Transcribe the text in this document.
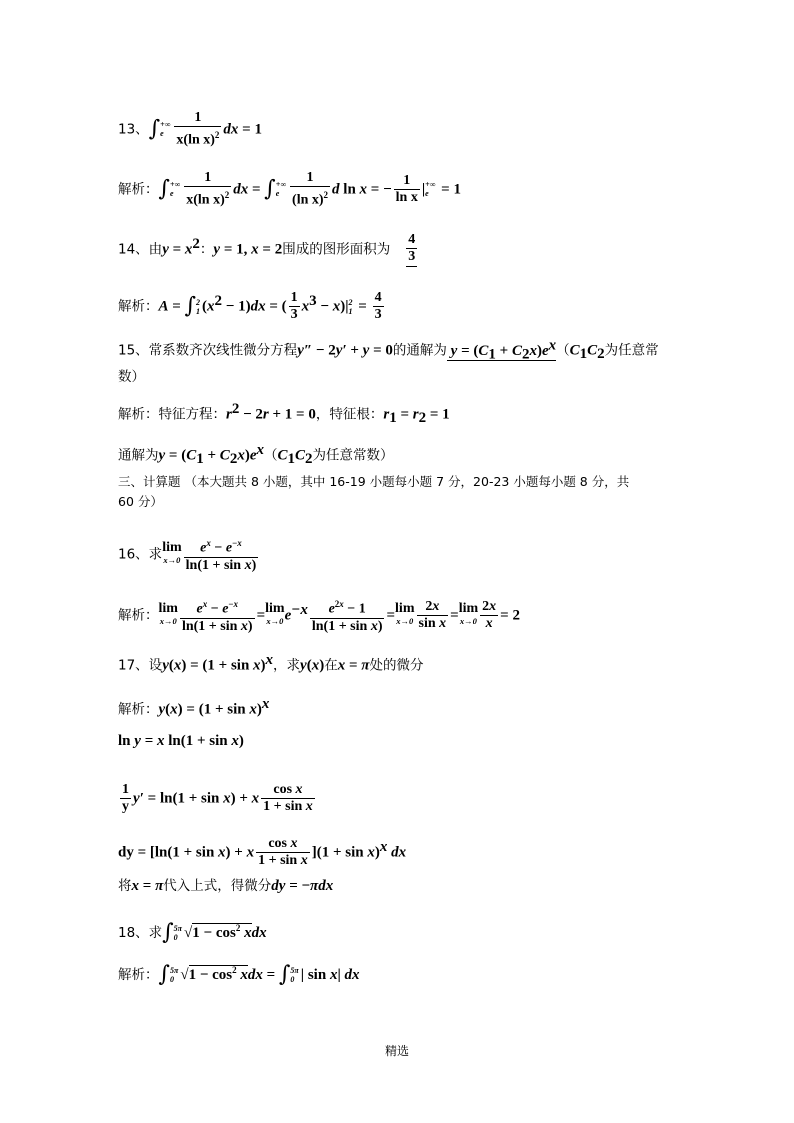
13、∫+∞
e $\frac{1}{x(\ln x)^2}$ dx = 1
解析：∫+∞
e $\frac{1}{x(\ln x)^2}$ dx = ∫+∞
e $\frac{1}{(\ln x)^2}$ d ln x = − $\frac{1}{\text{ln x}}$ |+∞
e = 1
14、由$y = x^2$：y = 1, x = 2围成的图形面积为 $\frac{4}{3}$
解析：A = ∫2
1 $(x^2 - 1)dx$ = ( $\frac{1}{3} x^3 - x)|2$
$1 = \frac{4}{3}$
15、常系数齐次线性微分方程y″ − 2y′ + y = 0的通解为 $y = (C_1 + C_2x)e^x(C_1C_2$为任意常
数）
解析：特征方程：$r^2 - 2r + 1 = 0$，特征根：$r_1 = r_2 = 1$
通解为$y = (C_1 + C_2x)e^x(C_1C_2$为任意常数）
三、计算题 （本大题共 8 小题，其中 16-19 小题每小题 7 分，20-23 小题每小题 8 分，共
60 分）
16、求 lim
$x\to 0 \frac{e^x - e^{-x}}{\text{ln(1 + sin x)}}$
解析： lim
$x\to 0 \frac{e^x - e^{-x}}{\text{ln(1 + sin x)}} = \lim$
x→0 $e^{-x} \frac{e^{2x} - 1}{\text{ln(1 + sin x)}} = \lim$
$x\to 0 \frac{2x}{\text{sin x}} = \lim$
$x\to 0 \frac{2x}{x} = 2$
17、设$y(x) = (1 + \sin x)^x$，求y(x)在x = π处的微分
解析：$y(x) = (1 + \sin x)^x$
ln y = x ln(1 + sin x)
$\frac{1}{y} y' = \ln(1 + \sin x) + x \frac{\text{cos x}}{\text{1 + sin x}}$
dy = [ln(1 + sin x) + x $\frac{\text{cos x}}{\text{1 + sin x}} ](1 + \sin x)^x$ dx
将x = π代入上式，得微分dy = −πdx
18、求∫5π
0 $√1 - \cos^2$ xdx
解析：∫5π
0 $√1 - \cos^2$ xdx = ∫5π
0 | sin x| dx
精选
